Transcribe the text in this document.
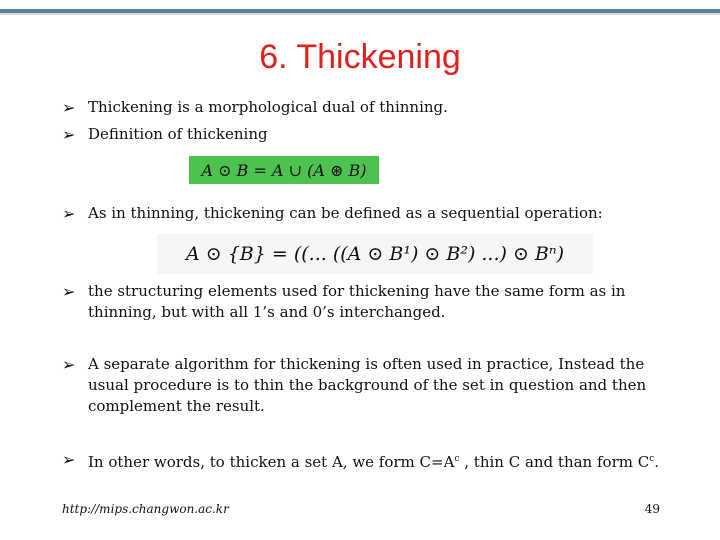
6. Thickening
➢ Thickening is a morphological dual of thinning.
➢ Definition of thickening
A ⊙ B = A ∪ (A ⊛ B)
➢ As in thinning, thickening can be defined as a sequential operation:
A ⊙ {B} = ((... ((A ⊙ B¹) ⊙ B²) ...) ⊙ Bⁿ)
➢ the structuring elements used for thickening have the same form as in thinning, but with all 1’s and 0’s interchanged.
➢ A separate algorithm for thickening is often used in practice, Instead the usual procedure is to thin the background of the set in question and then complement the result.
➢ In other words, to thicken a set A, we form $C=A^c$ , thin C and than form $C^c$.
http://mips.changwon.ac.kr	49
